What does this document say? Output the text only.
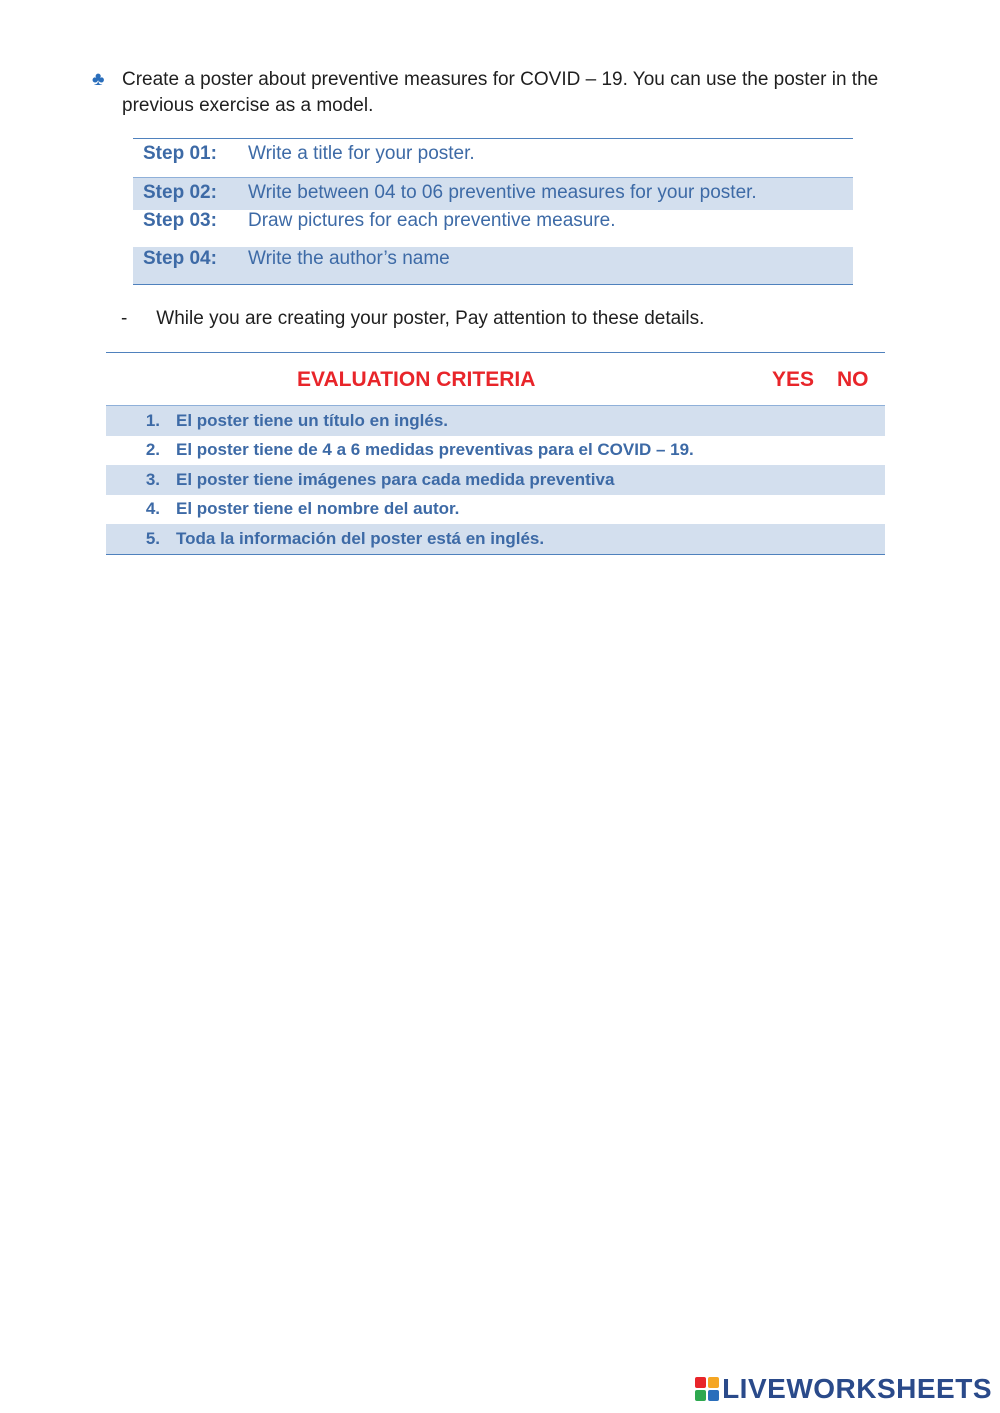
♣ Create a poster about preventive measures for COVID – 19. You can use the poster in the previous exercise as a model.
Step 01:	Write a title for your poster.
Step 02:	Write between 04 to 06 preventive measures for your poster.
Step 03:	Draw pictures for each preventive measure.
Step 04:	Write the author’s name
- While you are creating your poster, Pay attention to these details.
EVALUATION CRITERIA	YES NO
1. El poster tiene un título en inglés.
2. El poster tiene de 4 a 6 medidas preventivas para el COVID – 19.
3. El poster tiene imágenes para cada medida preventiva
4. El poster tiene el nombre del autor.
5. Toda la información del poster está en inglés.
LIVEWORKSHEETS
